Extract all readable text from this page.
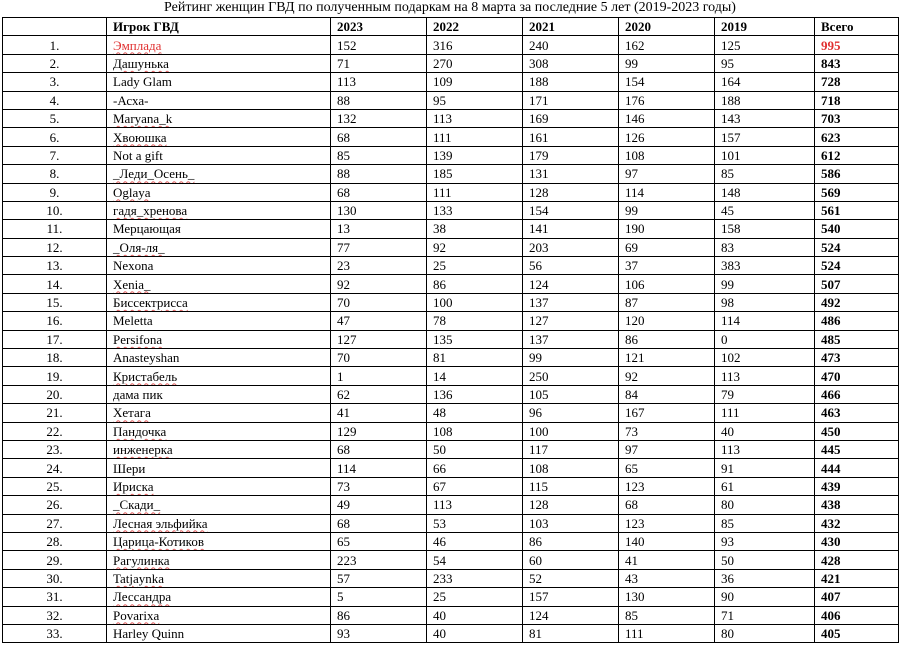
Рейтинг женщин ГВД по полученным подаркам на 8 марта за последние 5 лет (2019-2023 годы)
	Игрок ГВД	2023	2022	2021	2020	2019	Всего
1.	Эмплада	152	316	240	162	125	995
2.	Дашунька	71	270	308	99	95	843
3.	Lady Glam	113	109	188	154	164	728
4.	-Асха-	88	95	171	176	188	718
5.	Maryana_k	132	113	169	146	143	703
6.	Хвоюшка	68	111	161	126	157	623
7.	Not a gift	85	139	179	108	101	612
8.	_Леди_Осень_	88	185	131	97	85	586
9.	Oglaya	68	111	128	114	148	569
10.	гадя_хренова	130	133	154	99	45	561
11.	Мерцающая	13	38	141	190	158	540
12.	_Оля-ля_	77	92	203	69	83	524
13.	Nexona	23	25	56	37	383	524
14.	Xenia_	92	86	124	106	99	507
15.	Биссектрисса	70	100	137	87	98	492
16.	Meletta	47	78	127	120	114	486
17.	Persifona	127	135	137	86	0	485
18.	Anasteyshan	70	81	99	121	102	473
19.	Кристабель	1	14	250	92	113	470
20.	дама пик	62	136	105	84	79	466
21.	Хетага	41	48	96	167	111	463
22.	Пандочка	129	108	100	73	40	450
23.	инженерка	68	50	117	97	113	445
24.	Шери	114	66	108	65	91	444
25.	Ириска	73	67	115	123	61	439
26.	_Скади_	49	113	128	68	80	438
27.	Лесная эльфийка	68	53	103	123	85	432
28.	Царица-Котиков	65	46	86	140	93	430
29.	Рагулинка	223	54	60	41	50	428
30.	Tatjaynka	57	233	52	43	36	421
31.	Лессандра	5	25	157	130	90	407
32.	Povarixa	86	40	124	85	71	406
33.	Harley Quinn	93	40	81	111	80	405
